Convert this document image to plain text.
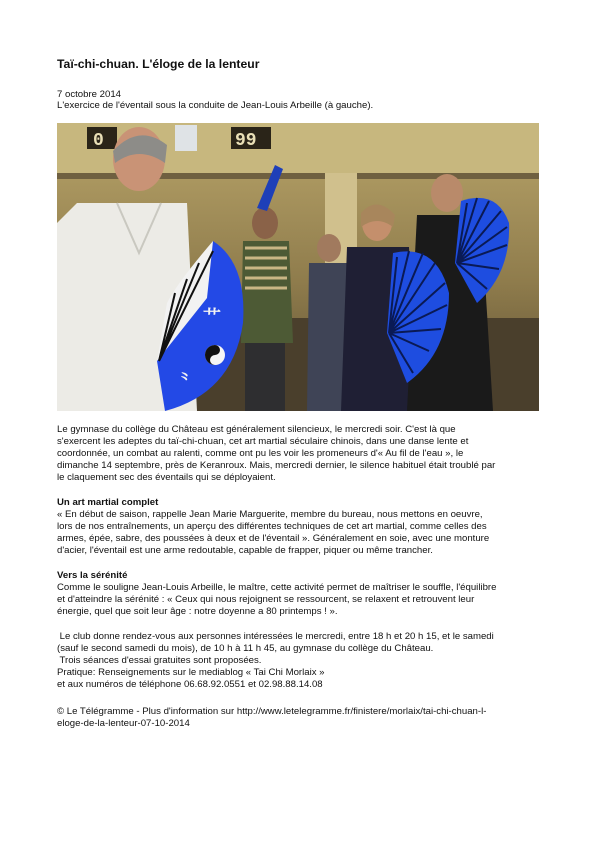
Taï-chi-chuan. L'éloge de la lenteur
7 octobre 2014
L'exercice de l'éventail sous la conduite de Jean-Louis Arbeille (à gauche).
0	99
⺾
⺀

Le gymnase du collège du Château est généralement silencieux, le mercredi soir. C'est là que

s'exercent les adeptes du taï-chi-chuan, cet art martial séculaire chinois, dans une danse lente et

coordonnée, un combat au ralenti, comme ont pu les voir les promeneurs d'« Au fil de l'eau », le

dimanche 14 septembre, près de Keranroux. Mais, mercredi dernier, le silence habituel était troublé par

le claquement sec des éventails qui se déployaient.

Un art martial complet

« En début de saison, rappelle Jean Marie Marguerite, membre du bureau, nous mettons en oeuvre,

lors de nos entraînements, un aperçu des différentes techniques de cet art martial, comme celles des

armes, épée, sabre, des poussées à deux et de l'éventail ». Généralement en soie, avec une monture

d'acier, l'éventail est une arme redoutable, capable de frapper, piquer ou même trancher.

Vers la sérénité

Comme le souligne Jean-Louis Arbeille, le maître, cette activité permet de maîtriser le souffle, l'équilibre

et d'atteindre la sérénité : « Ceux qui nous rejoignent se ressourcent, se relaxent et retrouvent leur

énergie, quel que soit leur âge : notre doyenne a 80 printemps ! ».

Le club donne rendez-vous aux personnes intéressées le mercredi, entre 18 h et 20 h 15, et le samedi

(sauf le second samedi du mois), de 10 h à 11 h 45, au gymnase du collège du Château.

Trois séances d'essai gratuites sont proposées.

Pratique: Renseignements sur le mediablog « Tai Chi Morlaix »

et aux numéros de téléphone 06.68.92.0551 et 02.98.88.14.08

© Le Télégramme - Plus d'information sur http://www.letelegramme.fr/finistere/morlaix/tai-chi-chuan-l-

eloge-de-la-lenteur-07-10-2014
